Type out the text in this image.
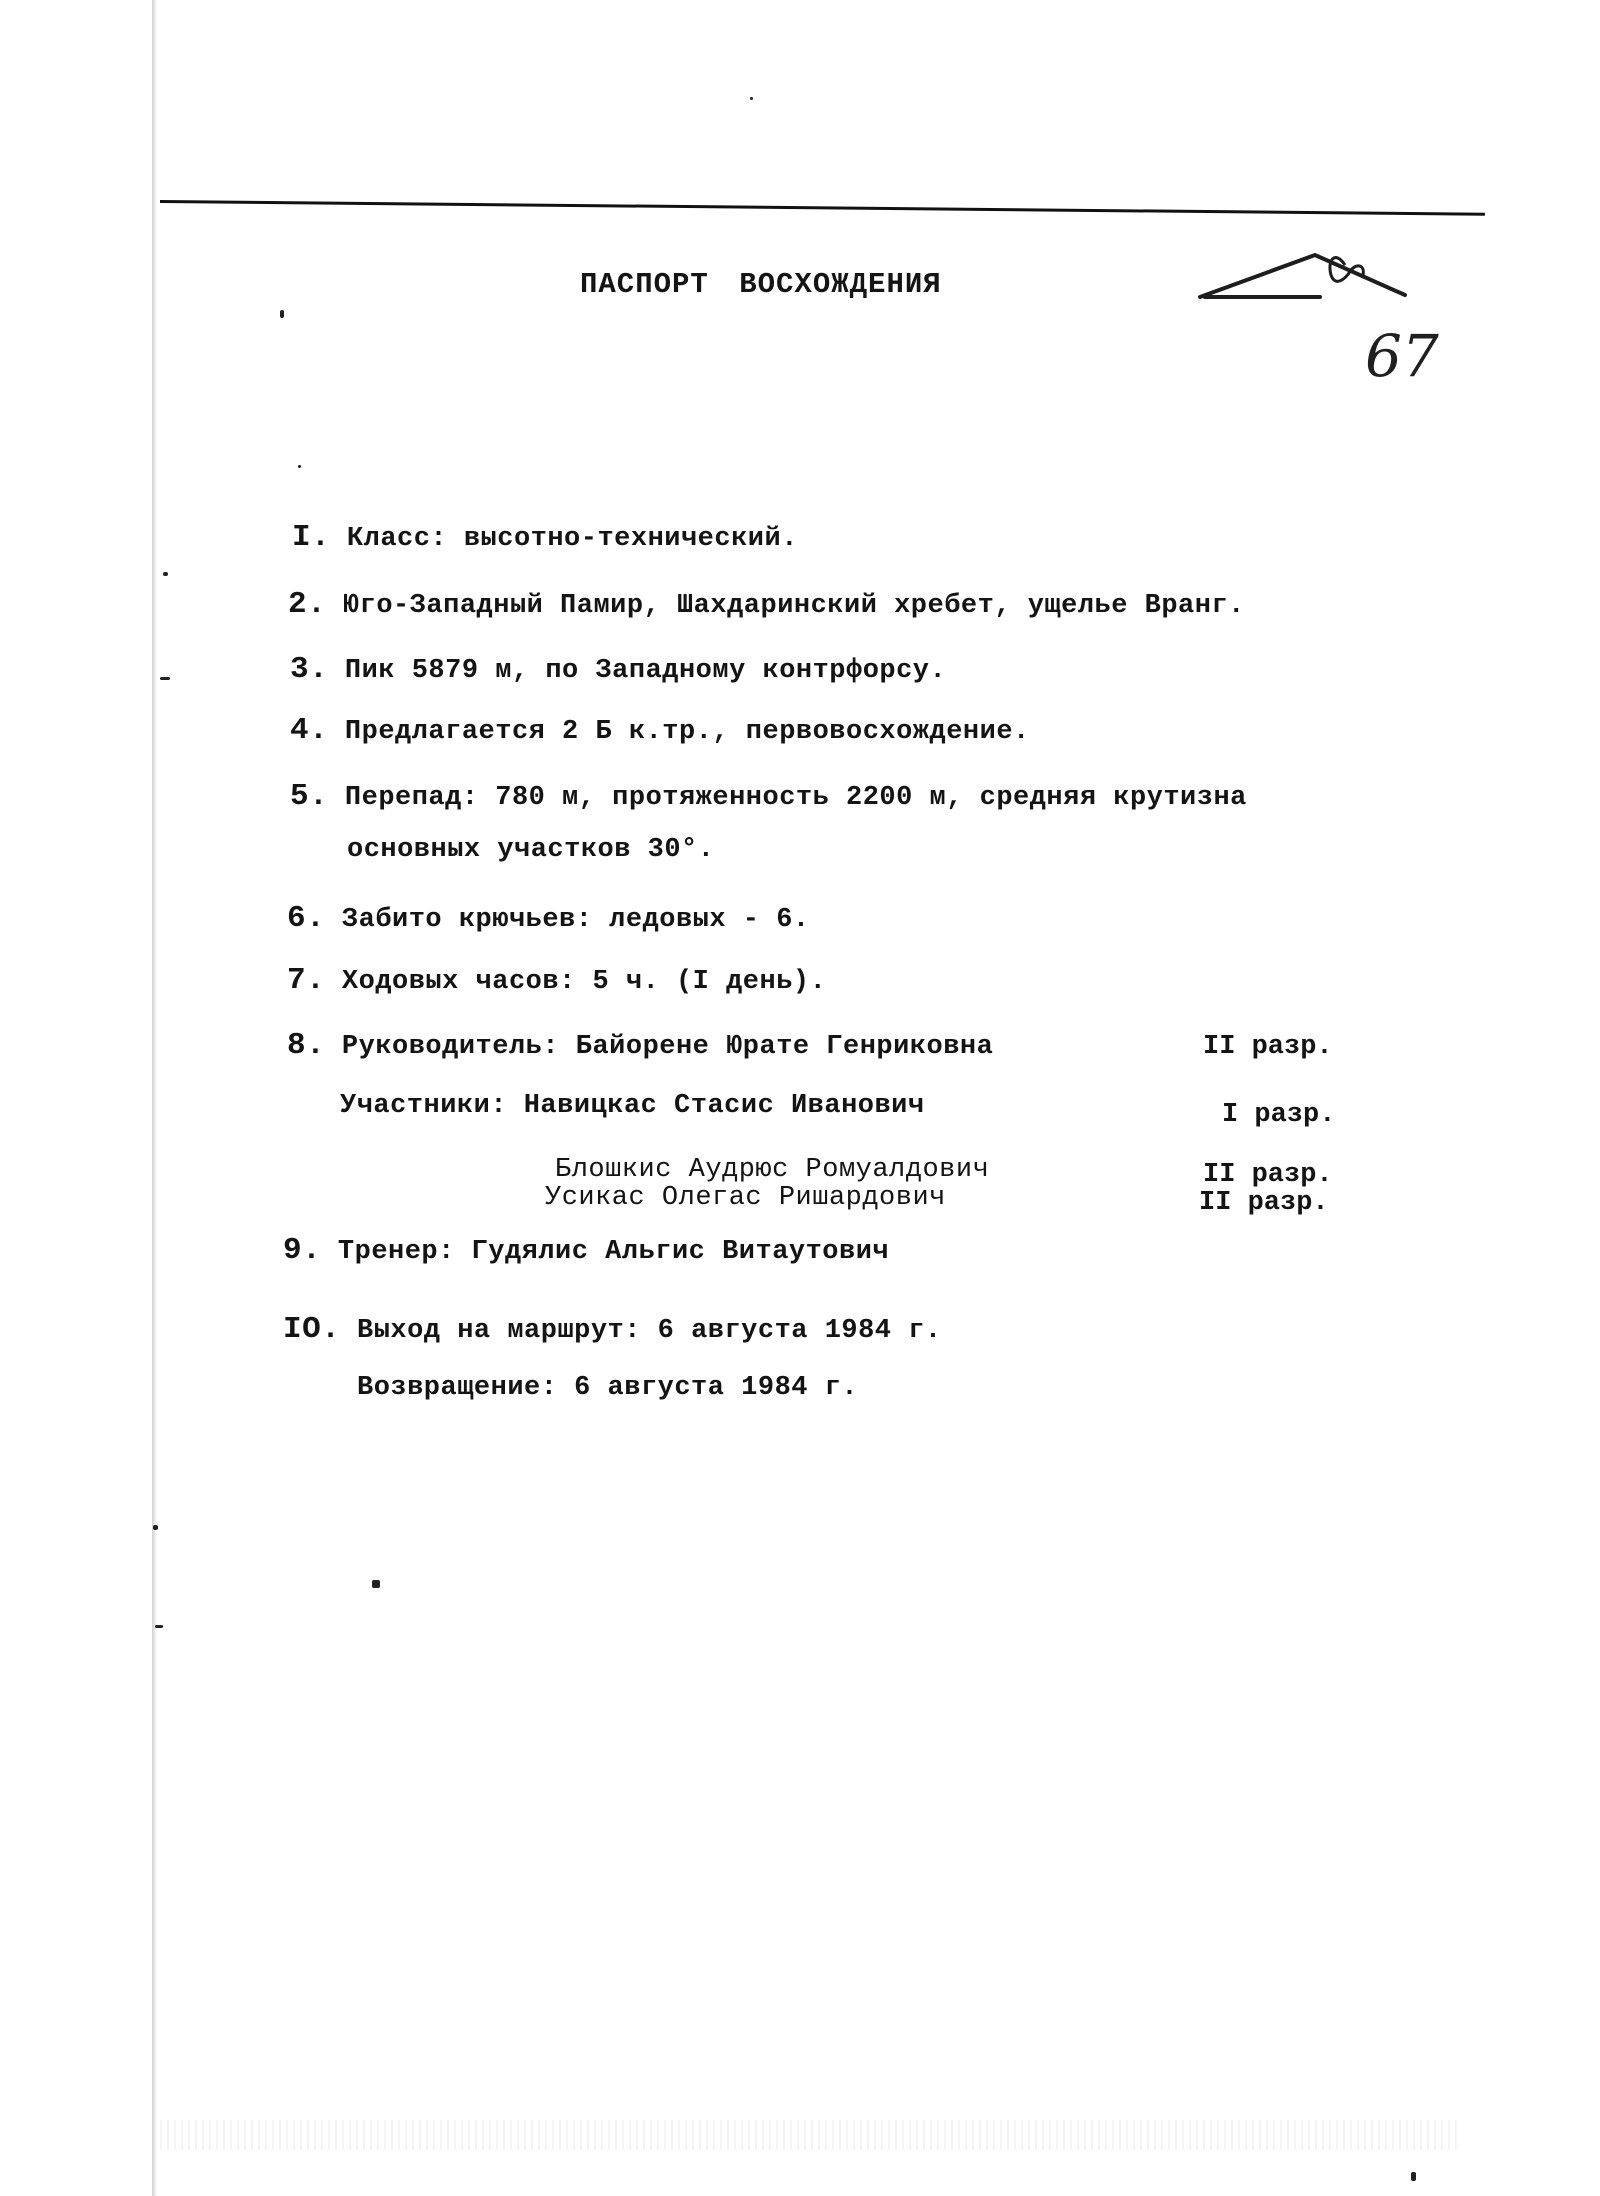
ПАСПОРТ ВОСХОЖДЕНИЯ
67
I. Класс: высотно-технический.
2. Юго-Западный Памир, Шахдаринский хребет, ущелье Вранг.
3. Пик 5879 м, по Западному контрфорсу.
4. Предлагается 2 Б к.тр., первовосхождение.
5. Перепад: 780 м, протяженность 2200 м, средняя крутизна
основных участков 30°.
6. Забито крючьев: ледовых - 6.
7. Ходовых часов: 5 ч. (I день).
8. Руководитель: Байорене Юрате Генриковна
Участники: Навицкас Стасис Иванович
Блошкис Аудрюс Ромуалдович
Усикас Олегас Ришардович
9. Тренер: Гудялис Альгис Витаутович
IO. Выход на маршрут: 6 августа 1984 г.
Возвращение: 6 августа 1984 г.
II разр.
I разр.
II разр.
II разр.
